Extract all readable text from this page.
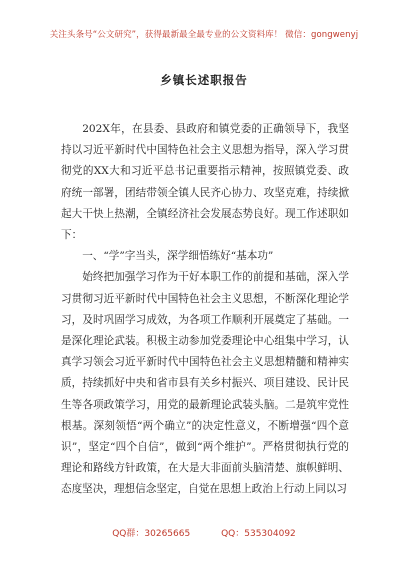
关注头条号“公文研究”，获得最新最全最专业的公文资料库！ 微信：gongwenyj
乡镇长述职报告

202X年，在县委、县政府和镇党委的正确领导下，我坚持以习近平新时代中国特色社会主义思想为指导，深入学习贯彻党的XX大和习近平总书记重要指示精神，按照镇党委、政府统一部署，团结带领全镇人民齐心协力、攻坚克难，持续掀起大干快上热潮，全镇经济社会发展态势良好。现工作述职如下：

一、“学”字当头，深学细悟练好“基本功”

始终把加强学习作为干好本职工作的前提和基础，深入学习贯彻习近平新时代中国特色社会主义思想，不断深化理论学习，及时巩固学习成效，为各项工作顺利开展奠定了基础。一是深化理论武装。积极主动参加党委理论中心组集中学习，认真学习领会习近平新时代中国特色社会主义思想精髓和精神实质，持续抓好中央和省市县有关乡村振兴、项目建设、民计民生等各项政策学习，用党的最新理论武装头脑。二是筑牢党性根基。深刻领悟“两个确立”的决定性意义，不断增强“四个意识”，坚定“四个自信”，做到“两个维护”。严格贯彻执行党的理论和路线方针政策，在大是大非面前头脑清楚、旗帜鲜明、态度坚决，理想信念坚定，自觉在思想上政治上行动上同以习

QQ群：30265665	QQ：535304092
